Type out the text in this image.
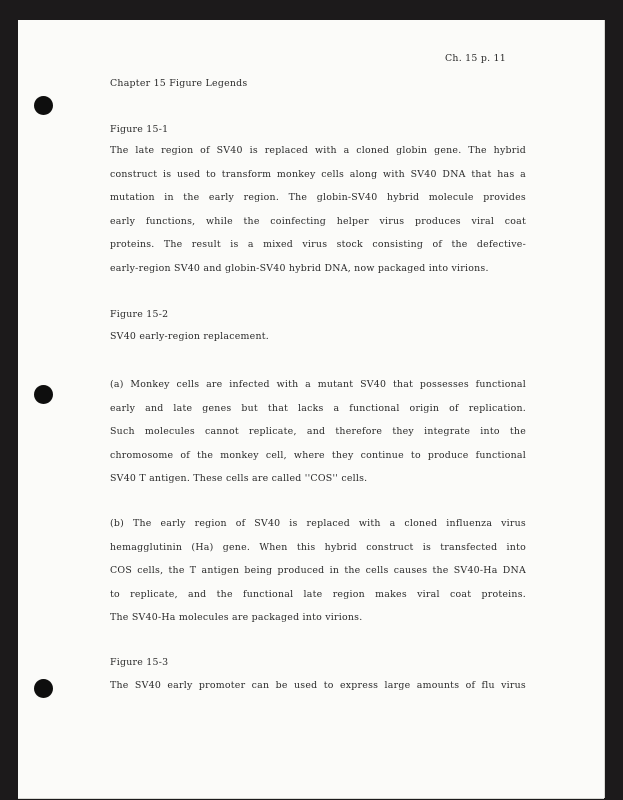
Ch. 15 p. 11

Chapter 15 Figure Legends

Figure 15-1

The late region of SV40 is replaced with a cloned globin gene. The hybrid
construct is used to transform monkey cells along with SV40 DNA that has a
mutation in the early region. The globin-SV40 hybrid molecule provides
early functions, while the coinfecting helper virus produces viral coat
proteins. The result is a mixed virus stock consisting of the defective-
early-region SV40 and globin-SV40 hybrid DNA, now packaged into virions.

Figure 15-2

SV40 early-region replacement.

(a) Monkey cells are infected with a mutant SV40 that possesses functional
early and late genes but that lacks a functional origin of replication.
Such molecules cannot replicate, and therefore they integrate into the
chromosome of the monkey cell, where they continue to produce functional
SV40 T antigen. These cells are called ''COS'' cells.

(b) The early region of SV40 is replaced with a cloned influenza virus
hemagglutinin (Ha) gene. When this hybrid construct is transfected into
COS cells, the T antigen being produced in the cells causes the SV40-Ha DNA
to replicate, and the functional late region makes viral coat proteins.
The SV40-Ha molecules are packaged into virions.

Figure 15-3

The SV40 early promoter can be used to express large amounts of flu virus
